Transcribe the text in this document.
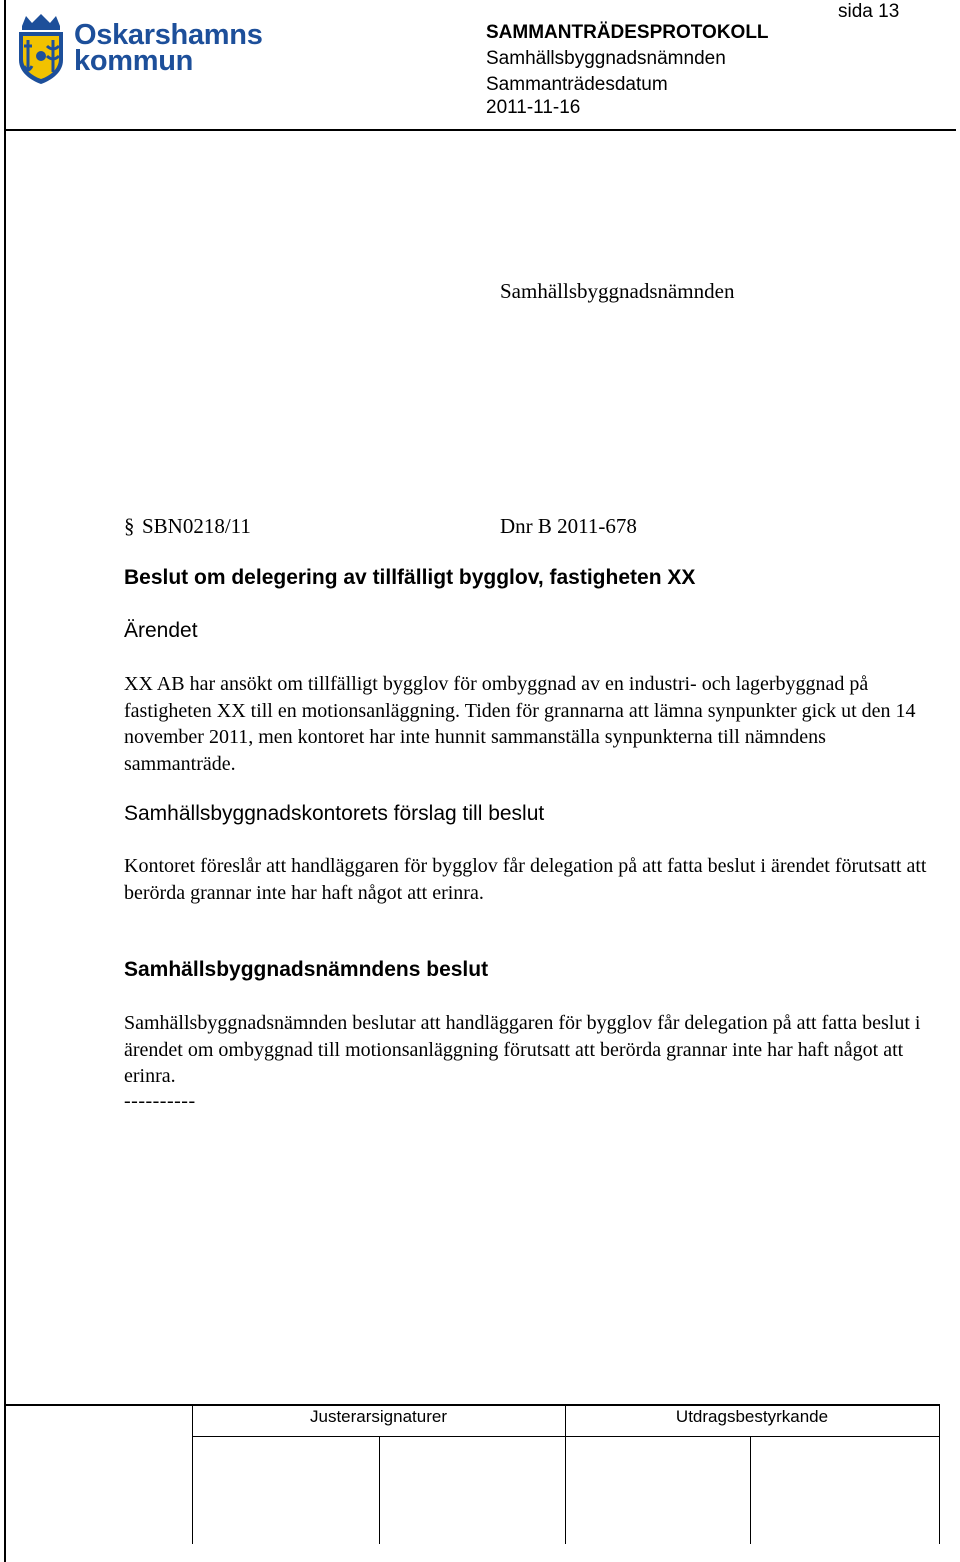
Oskarshamns
kommun
SAMMANTRÄDESPROTOKOLL
Samhällsbyggnadsnämnden
Sammanträdesdatum
2011-11-16
sida 13
Samhällsbyggnadsnämnden
§ SBN0218/11	Dnr B 2011-678
Beslut om delegering av tillfälligt bygglov, fastigheten XX
Ärendet
XX AB har ansökt om tillfälligt bygglov för ombyggnad av en industri- och lagerbyggnad på fastigheten XX till en motionsanläggning. Tiden för grannarna att lämna synpunkter gick ut den 14 november 2011, men kontoret har inte hunnit sammanställa synpunkterna till nämndens sammanträde.
Samhällsbyggnadskontorets förslag till beslut
Kontoret föreslår att handläggaren för bygglov får delegation på att fatta beslut i ärendet förutsatt att berörda grannar inte har haft något att erinra.
Samhällsbyggnadsnämndens beslut
Samhällsbyggnadsnämnden beslutar att handläggaren för bygglov får delegation på att fatta beslut i ärendet om ombyggnad till motionsanläggning förutsatt att berörda grannar inte har haft något att erinra.
----------
Justerarsignaturer	Utdragsbestyrkande
